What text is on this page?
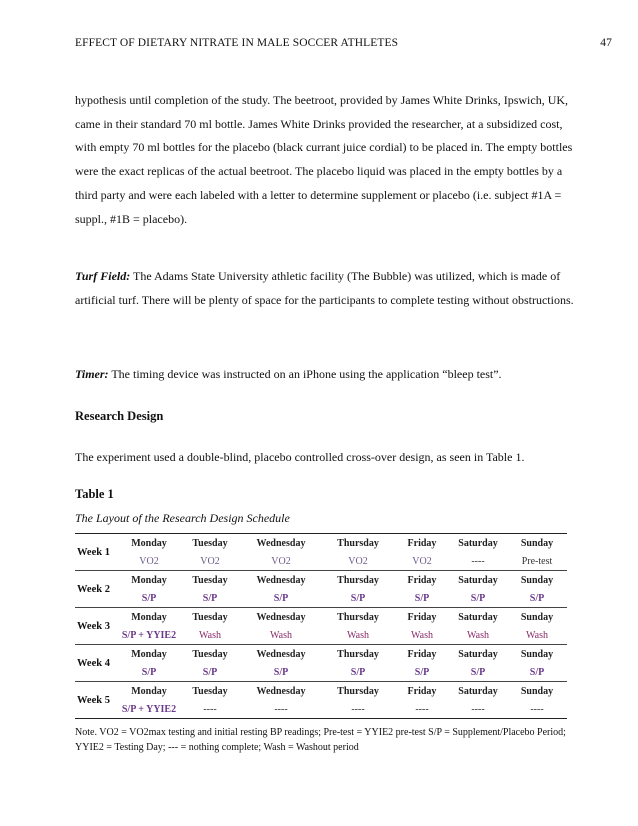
EFFECT OF DIETARY NITRATE IN MALE SOCCER ATHLETES	47
hypothesis until completion of the study. The beetroot, provided by James White Drinks, Ipswich, UK, came in their standard 70 ml bottle. James White Drinks provided the researcher, at a subsidized cost, with empty 70 ml bottles for the placebo (black currant juice cordial) to be placed in. The empty bottles were the exact replicas of the actual beetroot. The placebo liquid was placed in the empty bottles by a third party and were each labeled with a letter to determine supplement or placebo (i.e. subject #1A = suppl., #1B = placebo).
Turf Field: The Adams State University athletic facility (The Bubble) was utilized, which is made of artificial turf. There will be plenty of space for the participants to complete testing without obstructions.
Timer: The timing device was instructed on an iPhone using the application “bleep test”.
Research Design
The experiment used a double-blind, placebo controlled cross-over design, as seen in Table 1.
Table 1
The Layout of the Research Design Schedule
Week 1	Monday	Tuesday	Wednesday	Thursday	Friday	Saturday	Sunday
	VO2	VO2	VO2	VO2	VO2	----	Pre-test
Week 2	Monday	Tuesday	Wednesday	Thursday	Friday	Saturday	Sunday
	S/P	S/P	S/P	S/P	S/P	S/P	S/P
Week 3	Monday	Tuesday	Wednesday	Thursday	Friday	Saturday	Sunday
	S/P + YYIE2	Wash	Wash	Wash	Wash	Wash	Wash
Week 4	Monday	Tuesday	Wednesday	Thursday	Friday	Saturday	Sunday
	S/P	S/P	S/P	S/P	S/P	S/P	S/P
Week 5	Monday	Tuesday	Wednesday	Thursday	Friday	Saturday	Sunday
	S/P + YYIE2	----	----	----	----	----	----
Note. VO2 = VO2max testing and initial resting BP readings; Pre-test = YYIE2 pre-test S/P = Supplement/Placebo Period; YYIE2 = Testing Day; --- = nothing complete; Wash = Washout period
